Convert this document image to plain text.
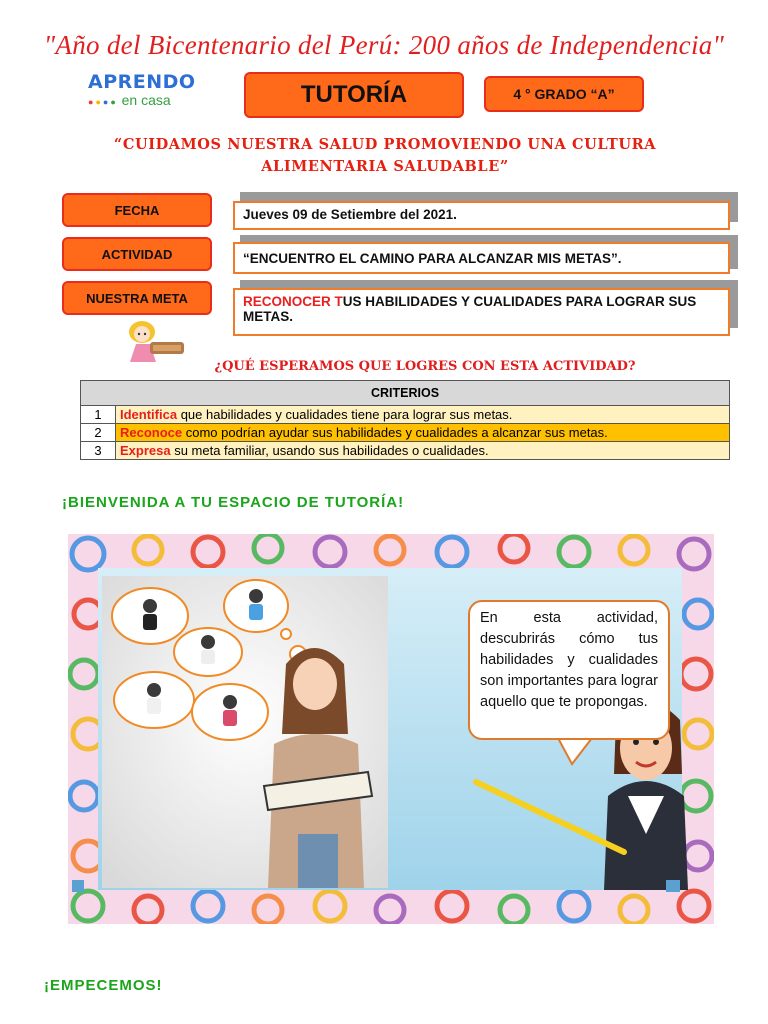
"Año del Bicentenario del Perú: 200 años de Independencia"
APRENDO
●●●● en casa	TUTORÍA	4 ° GRADO “A”
“CUIDAMOS NUESTRA SALUD PROMOVIENDO UNA CULTURA ALIMENTARIA SALUDABLE”
FECHA	Jueves 09 de Setiembre del 2021.
ACTIVIDAD	“ENCUENTRO EL CAMINO PARA ALCANZAR MIS METAS”.
NUESTRA META	RECONOCER TUS HABILIDADES Y CUALIDADES PARA LOGRAR SUS METAS.
¿QUÉ ESPERAMOS QUE LOGRES CON ESTA ACTIVIDAD?
CRITERIOS	
1	Identifica que habilidades y cualidades tiene para lograr sus metas.
2	Reconoce como podrían ayudar sus habilidades y cualidades a alcanzar sus metas.
3	Expresa su meta familiar, usando sus habilidades o cualidades.
¡BIENVENIDA A TU ESPACIO DE TUTORÍA!
En esta actividad, descubrirás cómo tus habilidades y cualidades son importantes para lograr aquello que te propongas.
¡EMPECEMOS!
